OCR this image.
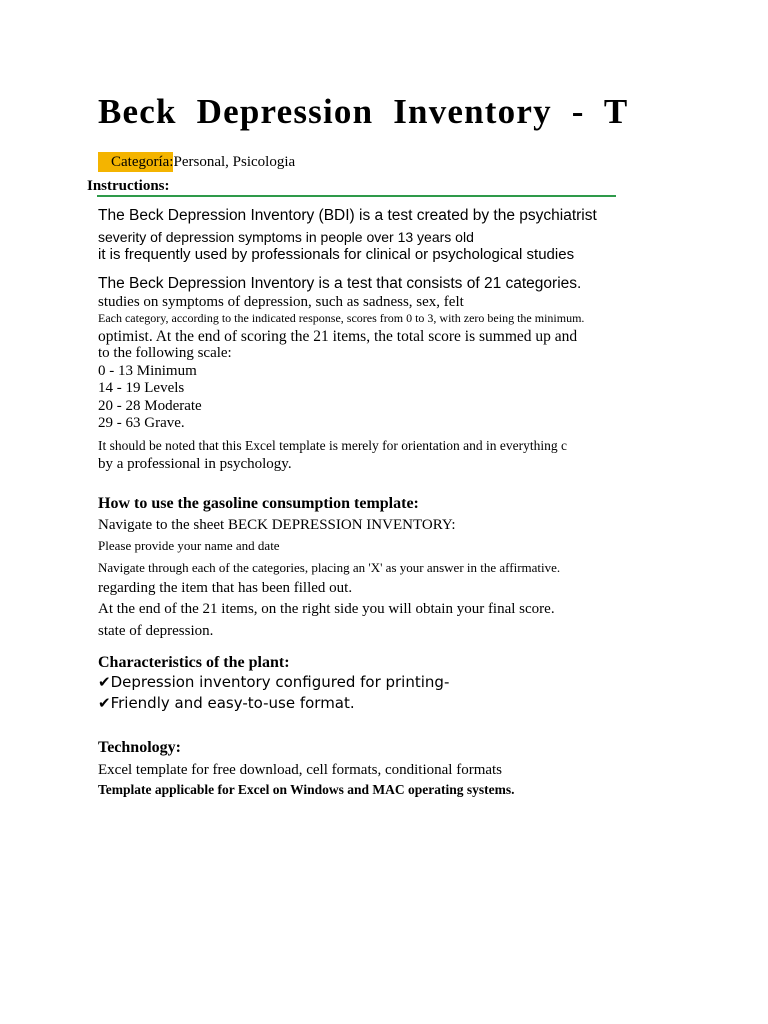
Beck Depression Inventory - T
Categoría:Personal, Psicologia
Instructions:
The Beck Depression Inventory (BDI) is a test created by the psychiatrist
severity of depression symptoms in people over 13 years old
it is frequently used by professionals for clinical or psychological studies
The Beck Depression Inventory is a test that consists of 21 categories.
studies on symptoms of depression, such as sadness, sex, felt
Each category, according to the indicated response, scores from 0 to 3, with zero being the minimum.
optimist. At the end of scoring the 21 items, the total score is summed up and
to the following scale:
0 - 13 Minimum
14 - 19 Levels
20 - 28 Moderate
29 - 63 Grave.
It should be noted that this Excel template is merely for orientation and in everything c
by a professional in psychology.
How to use the gasoline consumption template:
Navigate to the sheet BECK DEPRESSION INVENTORY:
Please provide your name and date
Navigate through each of the categories, placing an 'X' as your answer in the affirmative.
regarding the item that has been filled out.
At the end of the 21 items, on the right side you will obtain your final score.
state of depression.
Characteristics of the plant:
✔Depression inventory configured for printing-
✔Friendly and easy-to-use format.
Technology:
Excel template for free download, cell formats, conditional formats
Template applicable for Excel on Windows and MAC operating systems.
